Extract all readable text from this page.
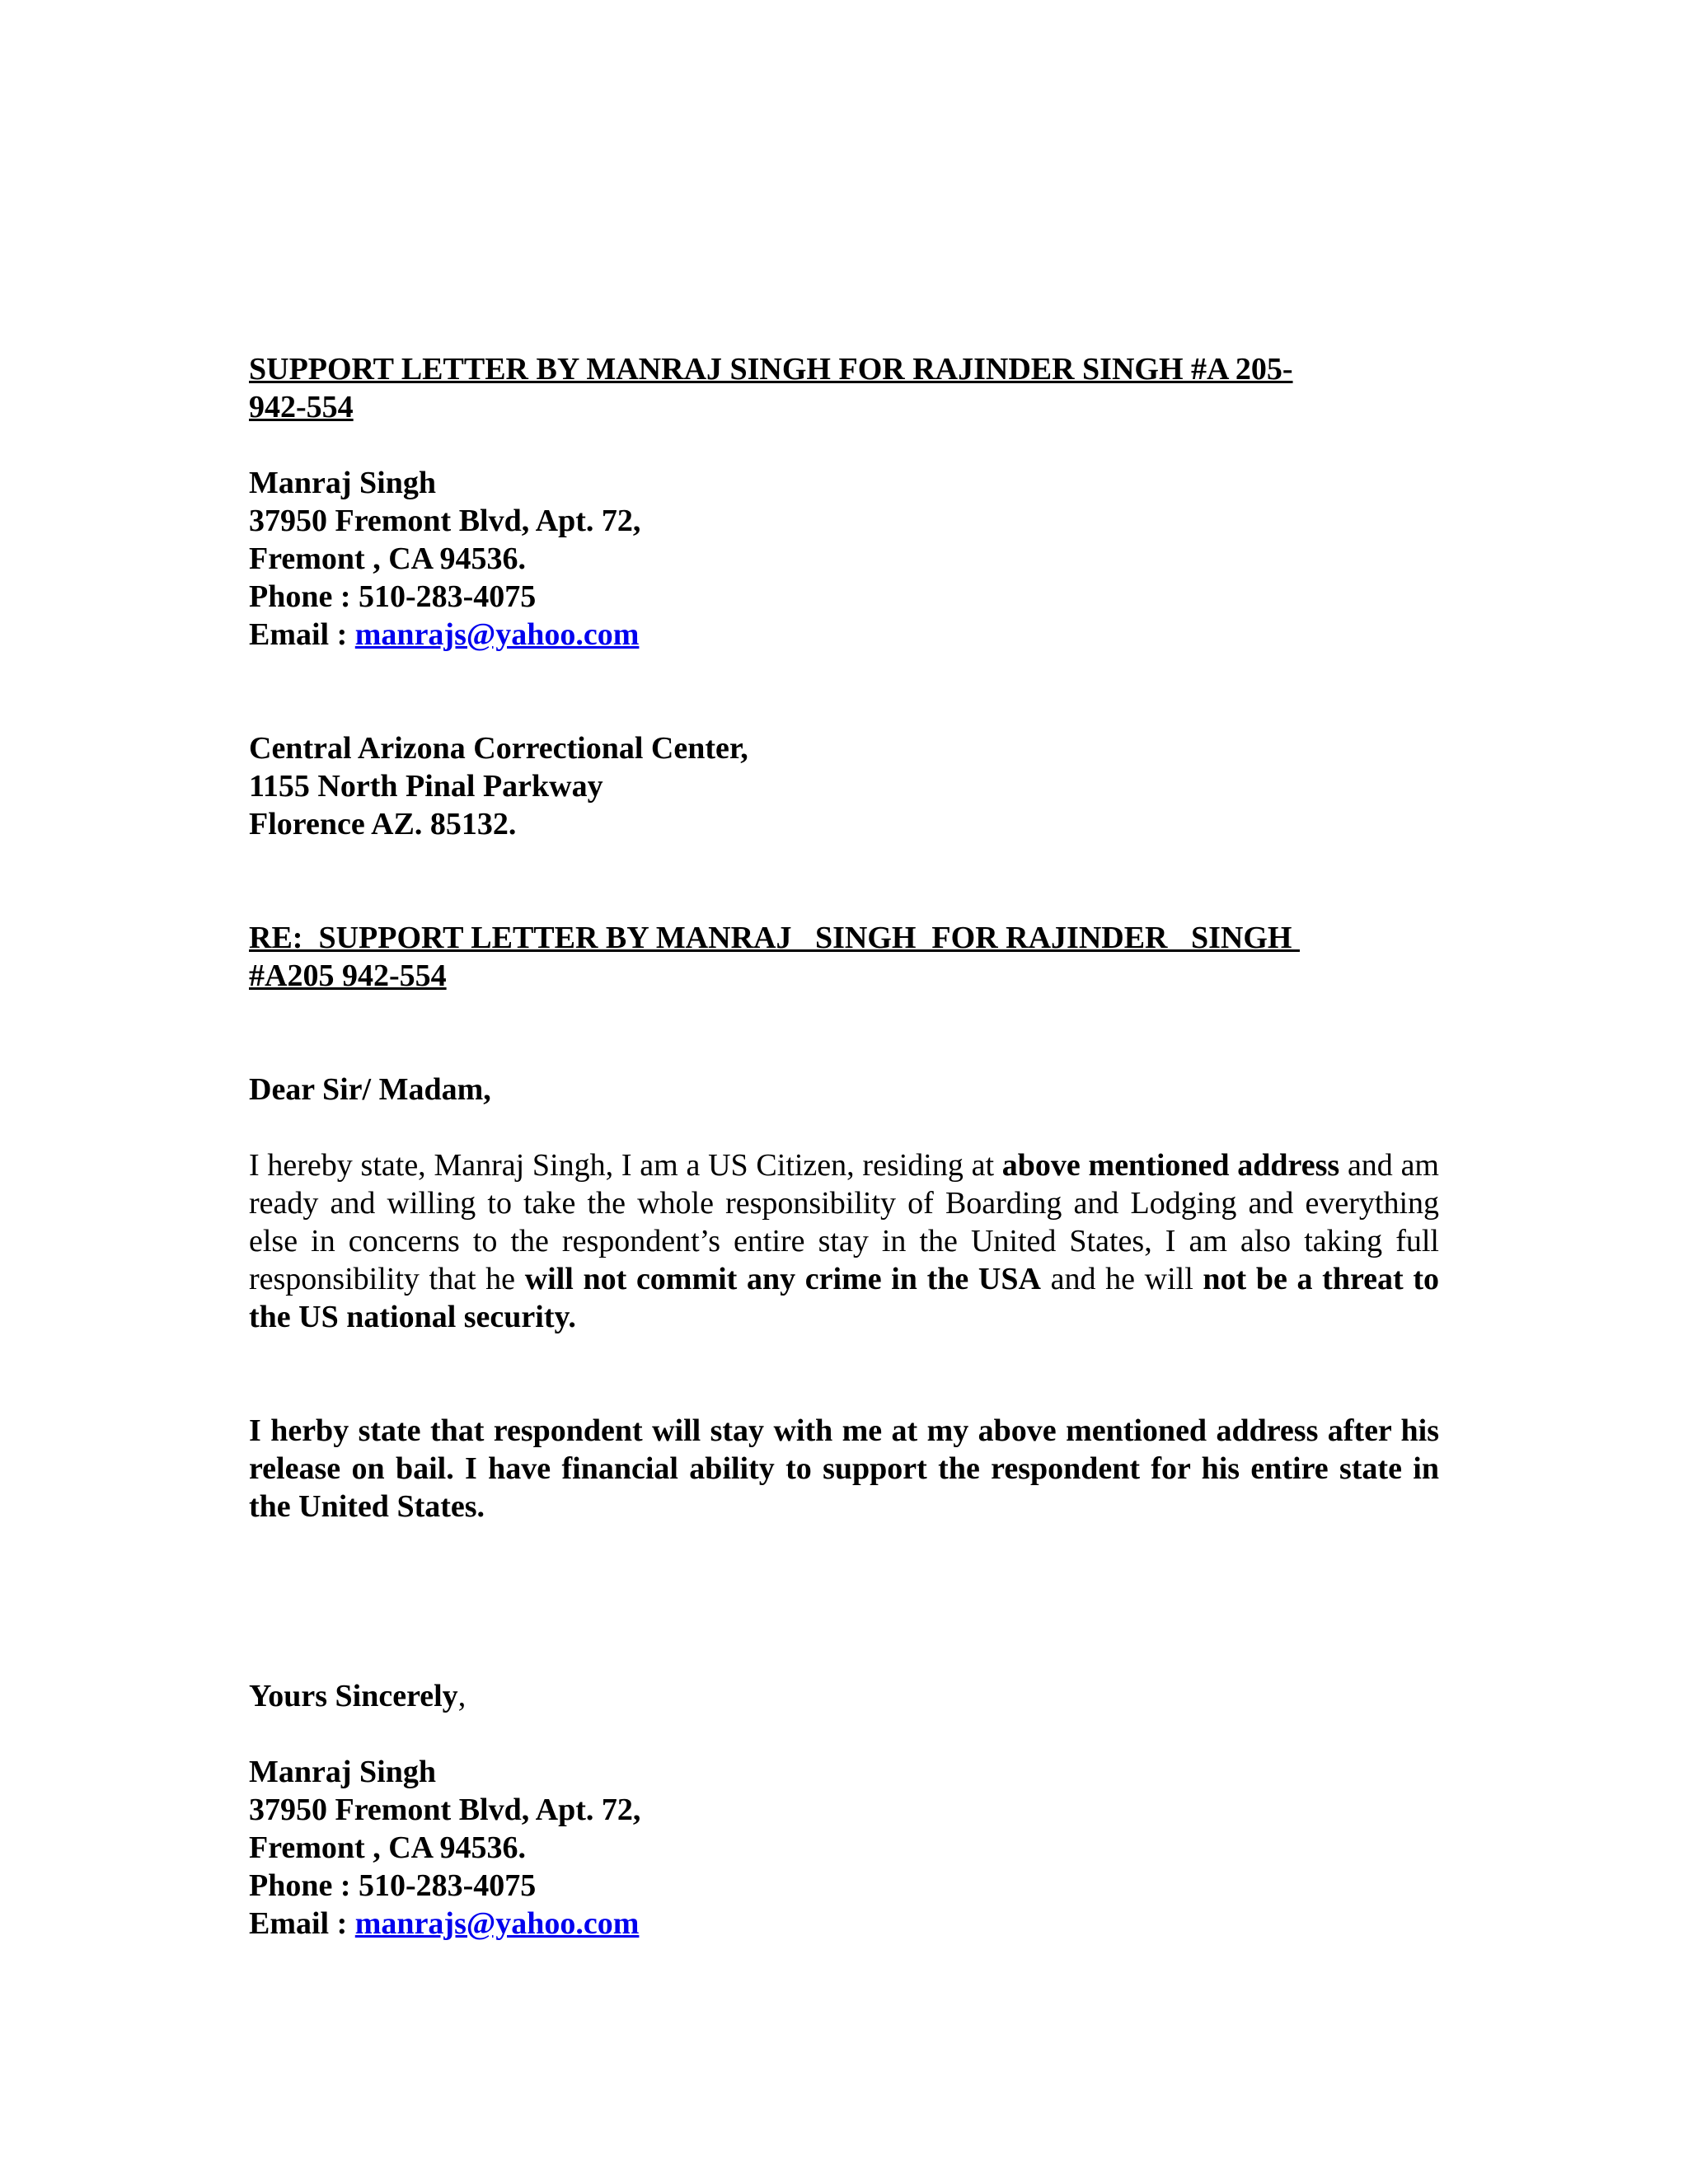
SUPPORT LETTER BY MANRAJ SINGH FOR RAJINDER SINGH #A 205-
942-554
Manraj Singh
37950 Fremont Blvd, Apt. 72,
Fremont , CA 94536.
Phone : 510-283-4075
Email : manrajs@yahoo.com
Central Arizona Correctional Center,
1155 North Pinal Parkway
Florence AZ. 85132.
RE:  SUPPORT LETTER BY MANRAJ   SINGH  FOR RAJINDER   SINGH
#A205 942-554

Dear Sir/ Madam,

I hereby state, Manraj Singh, I am a US Citizen, residing at above mentioned address and am ready and willing to take the whole responsibility of Boarding and Lodging and everything else in concerns to the respondent’s entire stay in the United States, I am also taking full responsibility that he will not commit any crime in the USA and he will not be a threat to the US national security.

I herby state that respondent will stay with me at my above mentioned address after his release on bail. I have financial ability to support the respondent for his entire state in the United States.

Yours Sincerely,

Manraj Singh
37950 Fremont Blvd, Apt. 72,
Fremont , CA 94536.
Phone : 510-283-4075
Email : manrajs@yahoo.com
